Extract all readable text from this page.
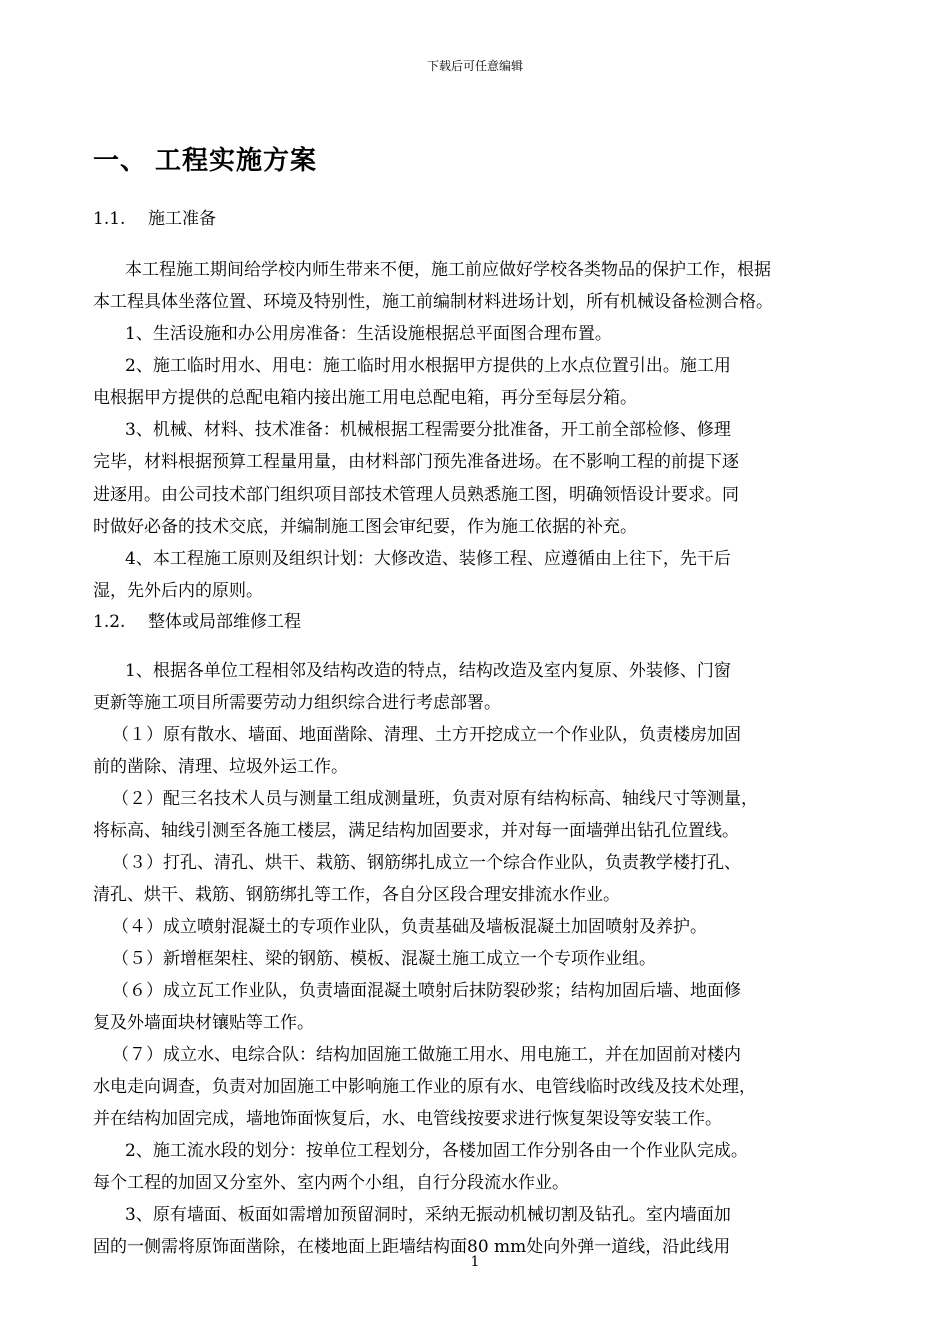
下载后可任意编辑
一、 工程实施方案
1.1. 施工准备
本工程施工期间给学校内师生带来不便，施工前应做好学校各类物品的保护工作，根据
本工程具体坐落位置、环境及特别性，施工前编制材料进场计划，所有机械设备检测合格。
1、生活设施和办公用房准备：生活设施根据总平面图合理布置。
2、施工临时用水、用电：施工临时用水根据甲方提供的上水点位置引出。施工用
电根据甲方提供的总配电箱内接出施工用电总配电箱，再分至每层分箱。
3、机械、材料、技术准备：机械根据工程需要分批准备，开工前全部检修、修理
完毕，材料根据预算工程量用量，由材料部门预先准备进场。在不影响工程的前提下逐
进逐用。由公司技术部门组织项目部技术管理人员熟悉施工图，明确领悟设计要求。同
时做好必备的技术交底，并编制施工图会审纪要，作为施工依据的补充。
4、本工程施工原则及组织计划：大修改造、装修工程、应遵循由上往下，先干后
湿，先外后内的原则。
1.2. 整体或局部维修工程
1、根据各单位工程相邻及结构改造的特点，结构改造及室内复原、外装修、门窗
更新等施工项目所需要劳动力组织综合进行考虑部署。
（１）原有散水、墙面、地面凿除、清理、土方开挖成立一个作业队，负责楼房加固
前的凿除、清理、垃圾外运工作。
（２）配三名技术人员与测量工组成测量班，负责对原有结构标高、轴线尺寸等测量，
将标高、轴线引测至各施工楼层，满足结构加固要求，并对每一面墙弹出钻孔位置线。
（３）打孔、清孔、烘干、栽筋、钢筋绑扎成立一个综合作业队，负责教学楼打孔、
清孔、烘干、栽筋、钢筋绑扎等工作，各自分区段合理安排流水作业。
（４）成立喷射混凝土的专项作业队，负责基础及墙板混凝土加固喷射及养护。
（５）新增框架柱、梁的钢筋、模板、混凝土施工成立一个专项作业组。
（６）成立瓦工作业队，负责墙面混凝土喷射后抹防裂砂浆；结构加固后墙、地面修
复及外墙面块材镶贴等工作。
（７）成立水、电综合队：结构加固施工做施工用水、用电施工，并在加固前对楼内
水电走向调查，负责对加固施工中影响施工作业的原有水、电管线临时改线及技术处理，
并在结构加固完成，墙地饰面恢复后，水、电管线按要求进行恢复架设等安装工作。
2、施工流水段的划分：按单位工程划分，各楼加固工作分别各由一个作业队完成。
每个工程的加固又分室外、室内两个小组，自行分段流水作业。
3、原有墙面、板面如需增加预留洞时，采纳无振动机械切割及钻孔。室内墙面加
固的一侧需将原饰面凿除，在楼地面上距墙结构面80 mm处向外弹一道线，沿此线用
1
